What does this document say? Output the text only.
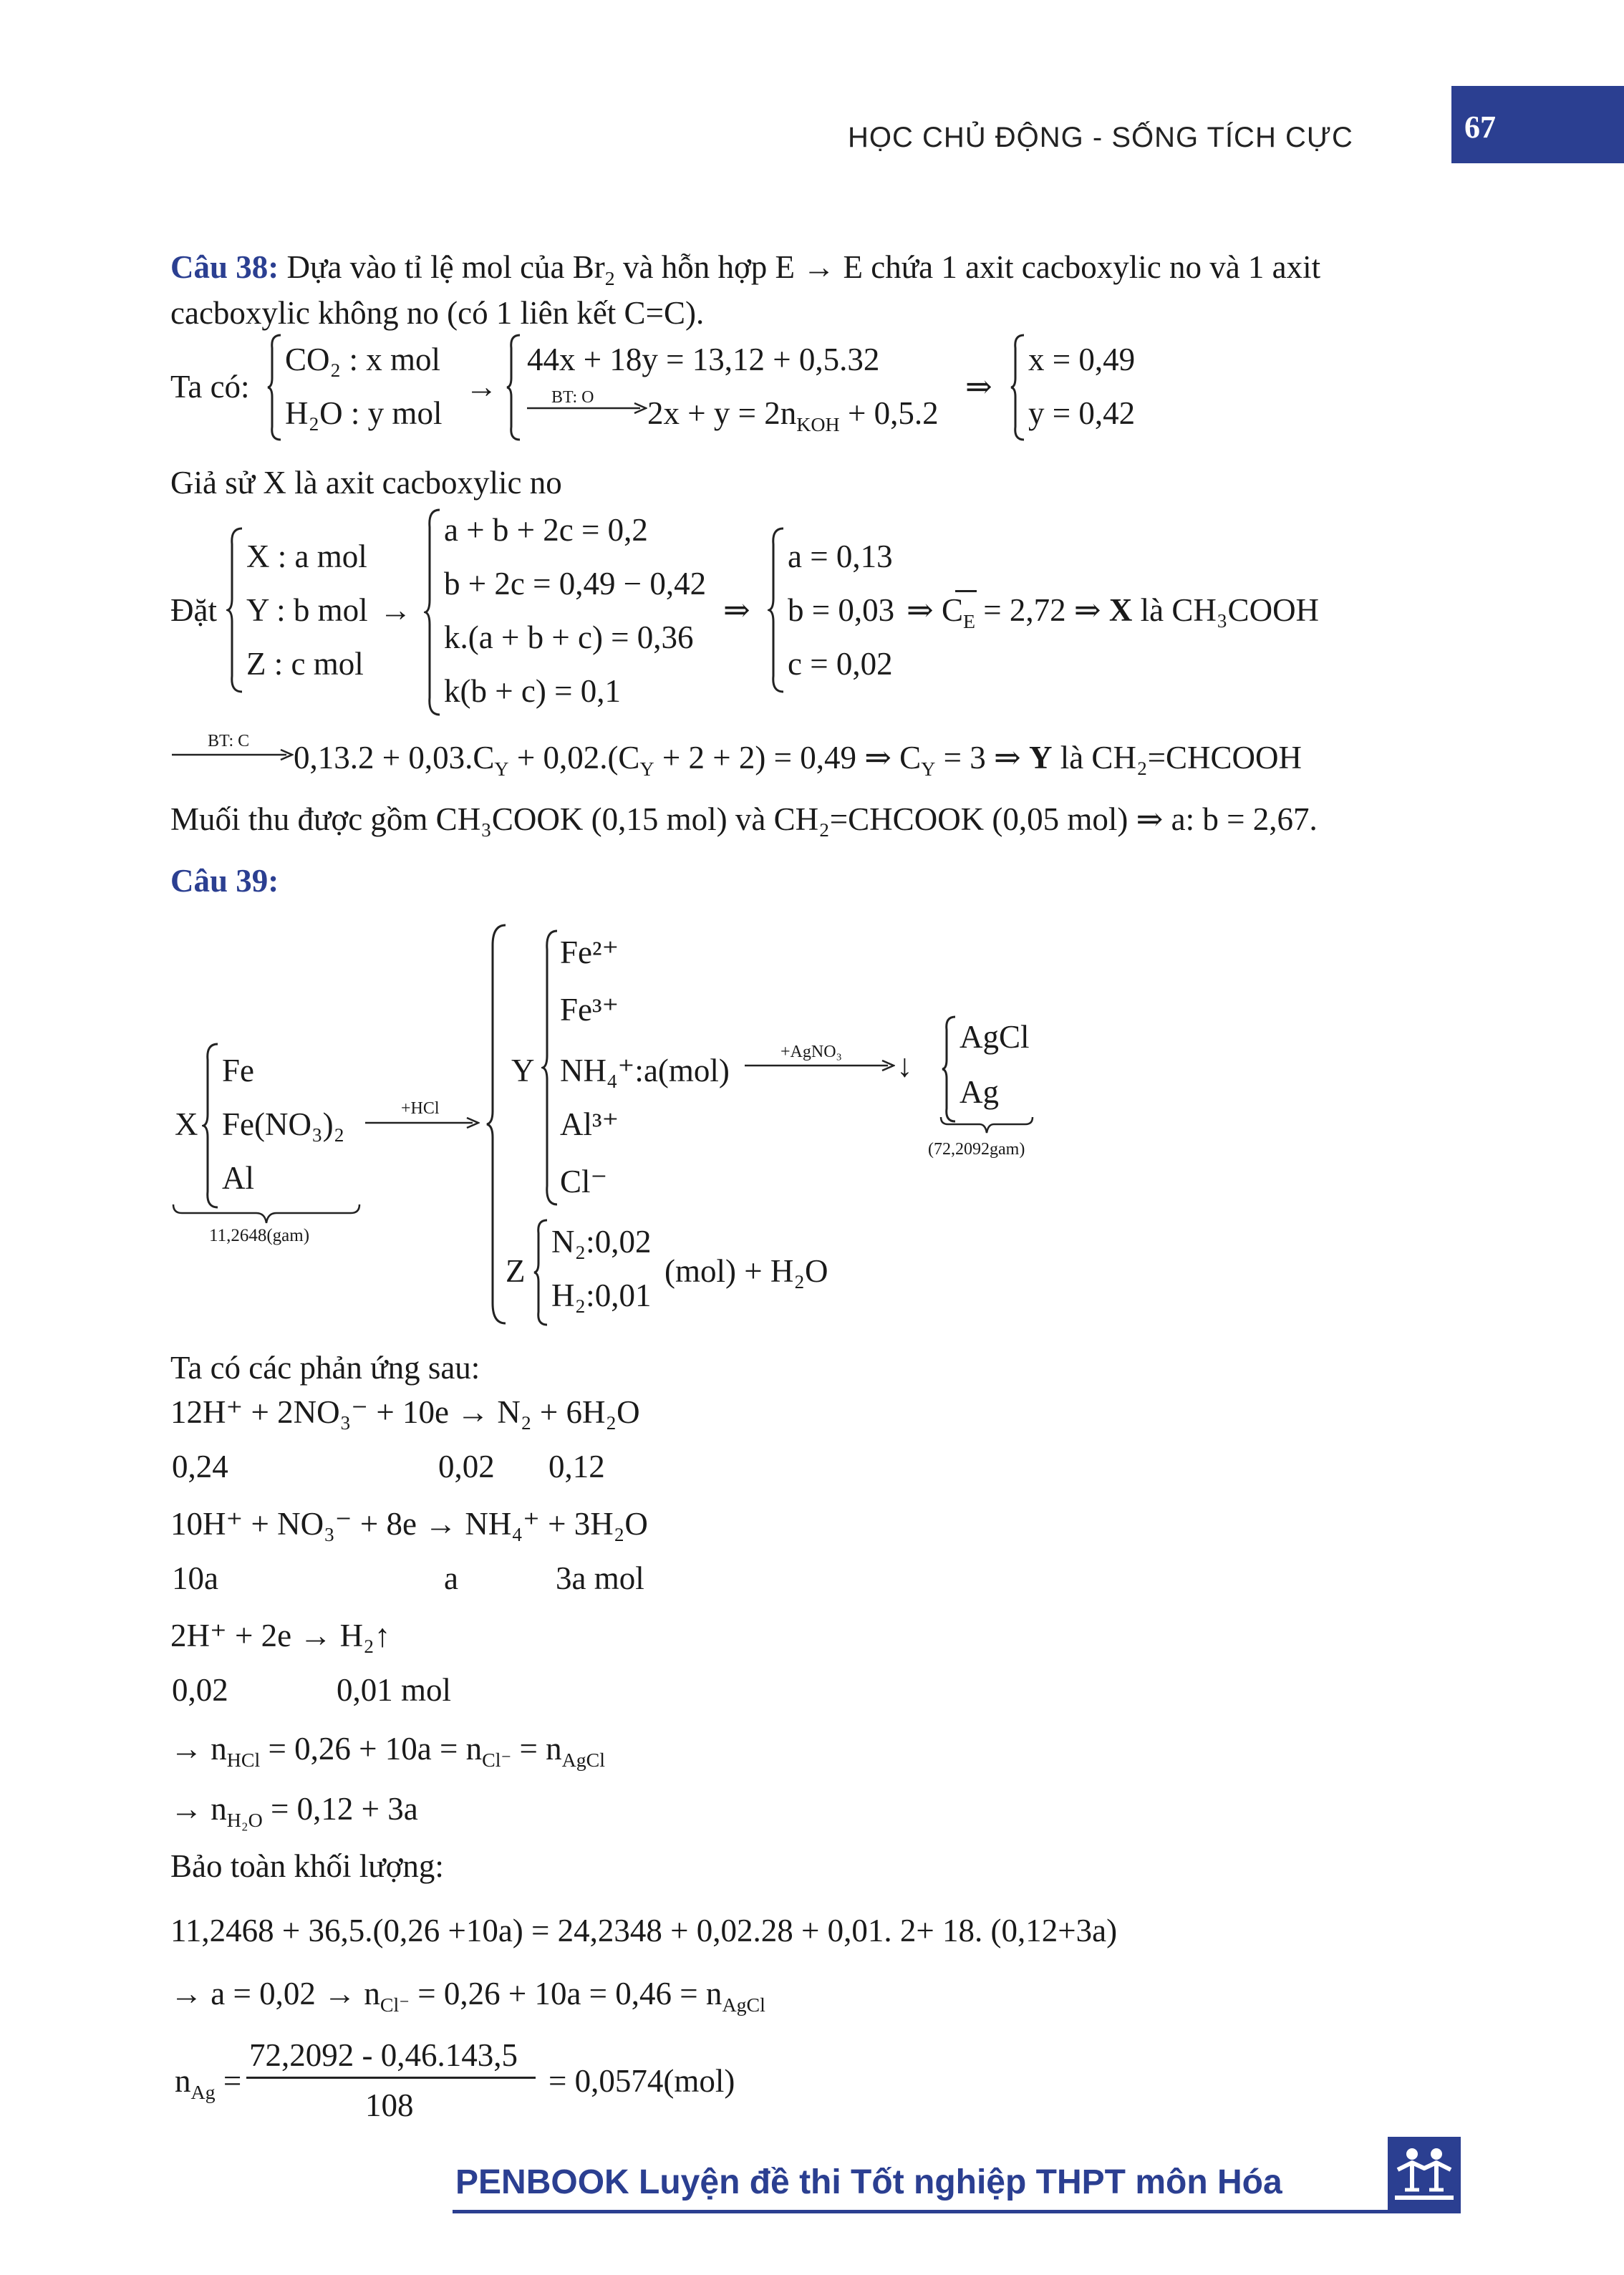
HỌC CHỦ ĐỘNG - SỐNG TÍCH CỰC	67
Câu 38: Dựa vào tỉ lệ mol của $Br_2$ và hỗn hợp E → E chứa 1 axit cacboxylic no và 1 axit
cacboxylic không no (có 1 liên kết C=C).
Ta có:
CO₂ : x mol
H₂O : y mol
→
44x + 18y = 13,12 + 0,5.32
BT: O $2x + y = 2n_{KOH} + 0,5.2$
⇒
x = 0,49
y = 0,42
Giả sử X là axit cacboxylic no
Đặt
X : a mol
Y : b mol
Z : c mol
→
a + b + 2c = 0,2
b + 2c = 0,49 − 0,42
k.(a + b + c) = 0,36
k(b + c) = 0,1
⇒
a = 0,13
b = 0,03
c = 0,02
⇒ $C_E = 2,72$ ⇒ X là CH₃COOH
BT: C $0,13.2 + 0,03.C_Y + 0,02.(C_Y + 2 + 2) = 0,49$ ⇒ $C_Y = 3$ ⇒ Y là CH₂=CHCOOH
Muối thu được gồm CH₃COOK (0,15 mol) và CH₂=CHCOOK (0,05 mol) ⇒ a: b = 2,67.
Câu 39:
X
Fe
Fe(NO₃)₂
Al
11,2648(gam)
+HCl
Y
Fe²⁺
Fe³⁺
NH₄⁺:a(mol)
Al³⁺
Cl⁻
+AgNO₃ ↓
AgCl
Ag
(72,2092gam)
Z
N₂:0,02
H₂:0,01
(mol) + H₂O
Ta có các phản ứng sau:
12H⁺ + 2NO₃⁻ + 10e → N₂ + 6H₂O
0,24	0,02 0,12
10H⁺ + NO₃⁻ + 8e → NH₄⁺ + 3H₂O
10a	a	3a mol
2H⁺ + 2e → H₂↑
0,02	0,01 mol
→ $n_{HCl} = 0,26 + 10a = n_{Cl^-} = n_{AgCl}$
→ $n_{H_2O} = 0,12 + 3a$
Bảo toàn khối lượng:
11,2468 + 36,5.(0,26 +10a) = 24,2348 + 0,02.28 + 0,01. 2+ 18. (0,12+3a)
→ $a = 0,02 \to n_{Cl^-} = 0,26 + 10a = 0,46 = n_{AgCl}$
$n_{Ag}$ =
72,2092 - 0,46.143,5
108
= 0,0574(mol)
PENBOOK Luyện đề thi Tốt nghiệp THPT môn Hóa
